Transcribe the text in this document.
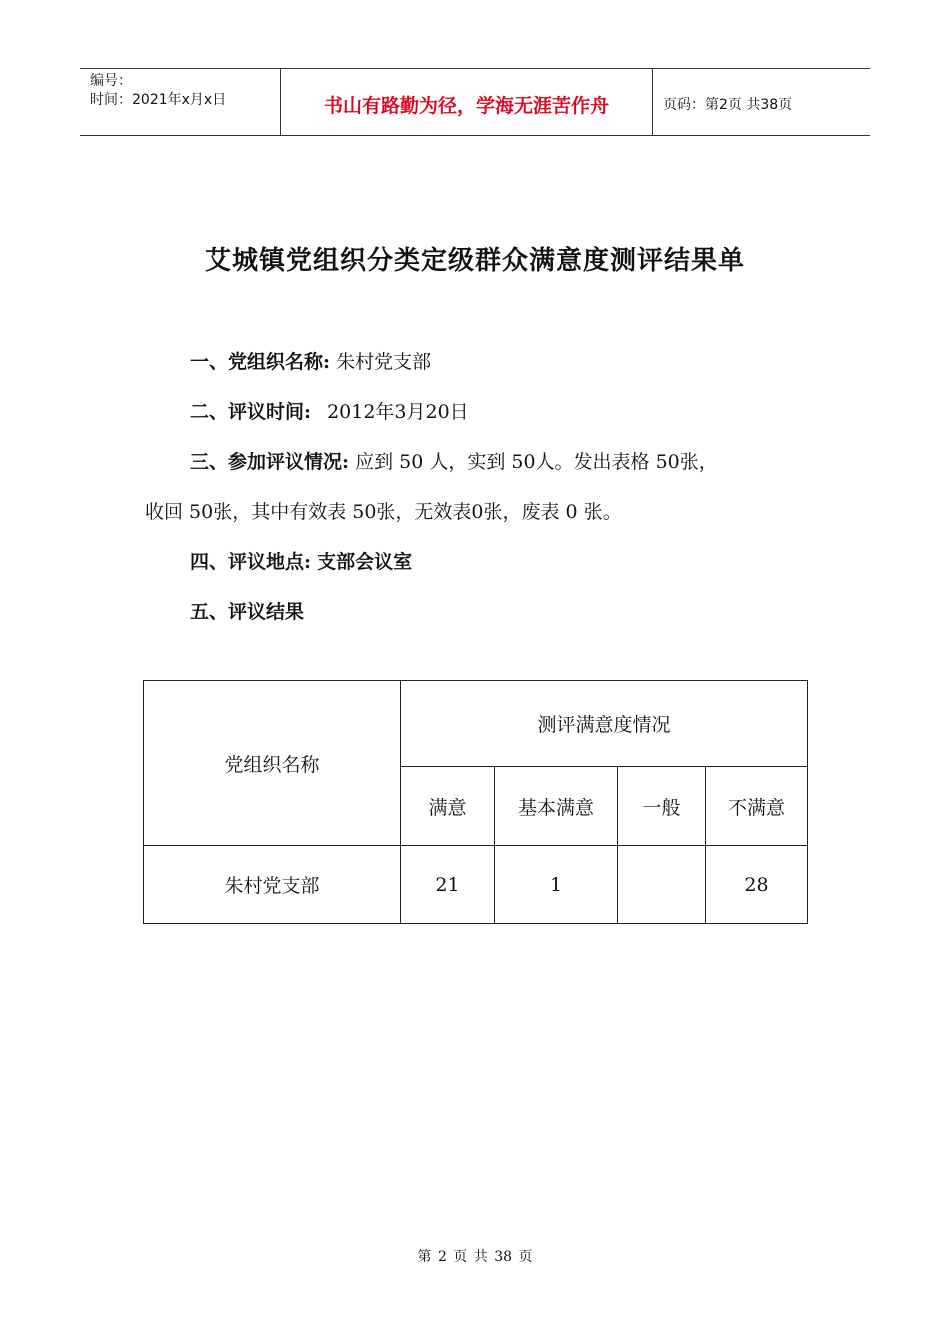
编号：
时间：2021年x月x日	书山有路勤为径，学海无涯苦作舟	页码：第2页 共38页
艾城镇党组织分类定级群众满意度测评结果单
一、党组织名称: 朱村党支部
二、评议时间: 2012年3月20日
三、参加评议情况: 应到 50 人，实到 50人。发出表格 50张，
收回 50张，其中有效表 50张，无效表0张，废表 0 张。
四、评议地点: 支部会议室
五、评议结果
党组织名称	测评满意度情况			
	满意	基本满意	一般	不满意
朱村党支部	21	1		28
第 2 页 共 38 页
